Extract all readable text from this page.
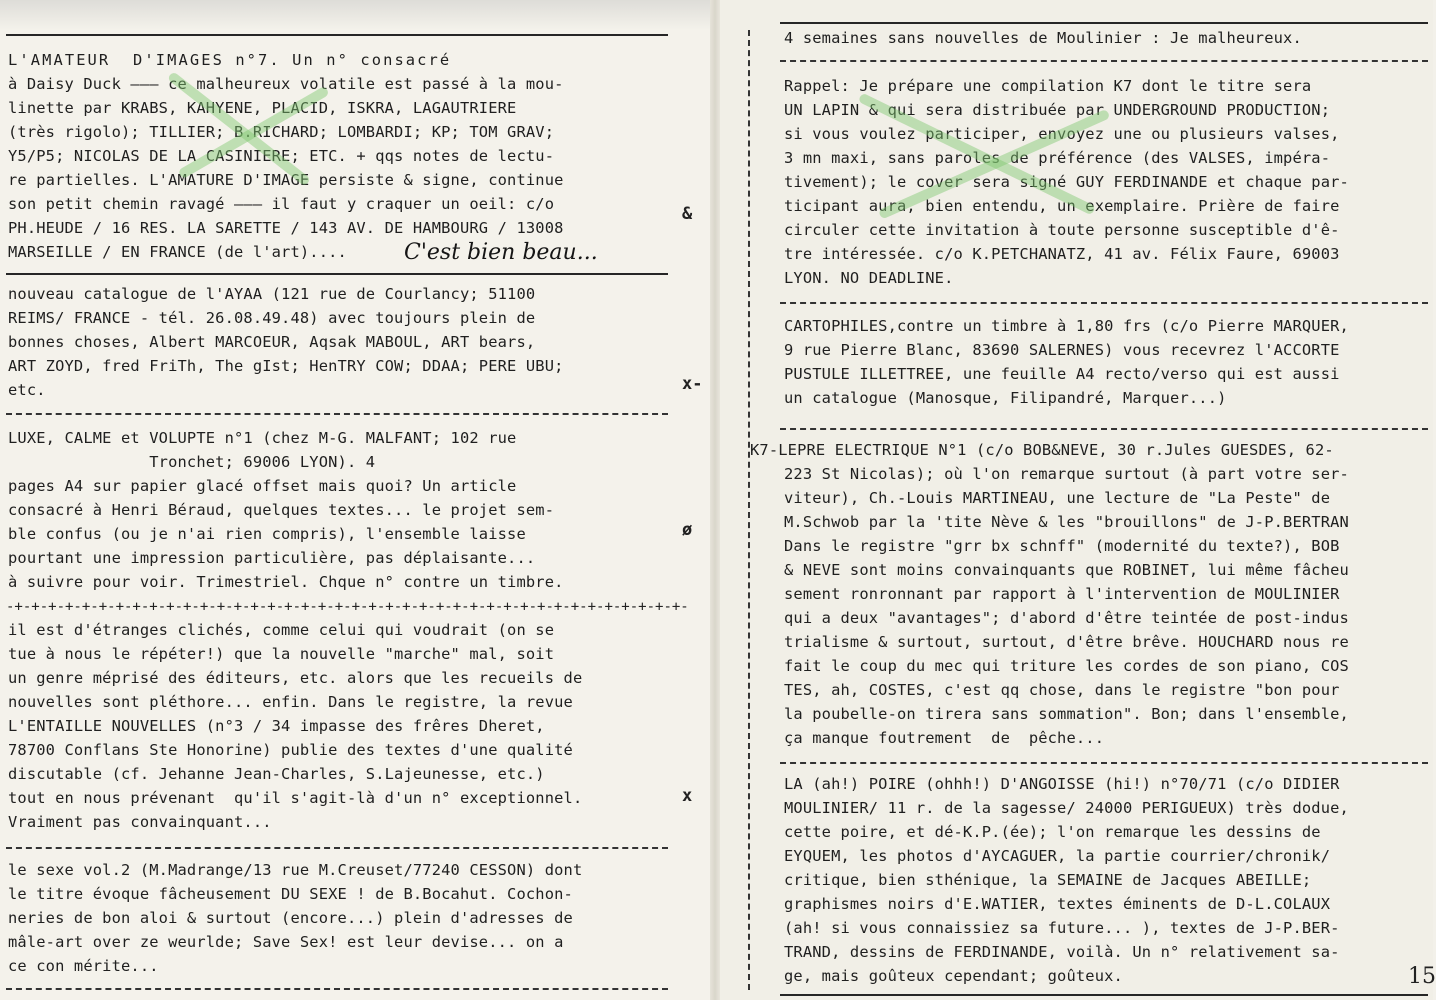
L'AMATEUR  D'IMAGES n°7. Un n° consacré
à Daisy Duck ——— ce malheureux volatile est passé à la mou-
linette par KRABS, KAHYENE, PLACID, ISKRA, LAGAUTRIERE
(très rigolo); TILLIER; B.RICHARD; LOMBARDI; KP; TOM GRAV;
Y5/P5; NICOLAS DE LA CASINIERE; ETC. + qqs notes de lectu-
re partielles. L'AMATURE D'IMAGE persiste & signe, continue
son petit chemin ravagé ——— il faut y craquer un oeil: c/o
PH.HEUDE / 16 RES. LA SARETTE / 143 AV. DE HAMBOURG / 13008
MARSEILLE / EN FRANCE (de l'art)....	C'est bien beau...
nouveau catalogue de l'AYAA (121 rue de Courlancy; 51100
REIMS/ FRANCE - tél. 26.08.49.48) avec toujours plein de
bonnes choses, Albert MARCOEUR, Aqsak MABOUL, ART bears,
ART ZOYD, fred FriTh, The gIst; HenTRY COW; DDAA; PERE UBU;
etc.
LUXE, CALME et VOLUPTE n°1 (chez M-G. MALFANT; 102 rue
Tronchet; 69006 LYON). 4
pages A4 sur papier glacé offset mais quoi? Un article
consacré à Henri Béraud, quelques textes... le projet sem-
ble confus (ou je n'ai rien compris), l'ensemble laisse
pourtant une impression particulière, pas déplaisante...
à suivre pour voir. Trimestriel. Chque n° contre un timbre.
-+-+-+-+-+-+-+-+-+-+-+-+-+-+-+-+-+-+-+-+-+-+-+-+-+-+-+-+-+-+-+-+-+-+-+-+-+-+-+-+-
il est d'étranges clichés, comme celui qui voudrait (on se
tue à nous le répéter!) que la nouvelle "marche" mal, soit
un genre méprisé des éditeurs, etc. alors que les recueils de
nouvelles sont pléthore... enfin. Dans le registre, la revue
L'ENTAILLE NOUVELLES (n°3 / 34 impasse des frêres Dheret,
78700 Conflans Ste Honorine) publie des textes d'une qualité
discutable (cf. Jehanne Jean-Charles, S.Lajeunesse, etc.)
tout en nous prévenant  qu'il s'agit-là d'un n° exceptionnel.
Vraiment pas convainquant...
le sexe vol.2 (M.Madrange/13 rue M.Creuset/77240 CESSON) dont
le titre évoque fâcheusement DU SEXE ! de B.Bocahut. Cochon-
neries de bon aloi & surtout (encore...) plein d'adresses de
mâle-art over ze weurlde; Save Sex! est leur devise... on a
ce con mérite...
&
x-
ø
x
4 semaines sans nouvelles de Moulinier : Je malheureux.
Rappel: Je prépare une compilation K7 dont le titre sera
UN LAPIN & qui sera distribuée par UNDERGROUND PRODUCTION;
si vous voulez participer, envoyez une ou plusieurs valses,
3 mn maxi, sans paroles de préférence (des VALSES, impéra-
tivement); le cover sera signé GUY FERDINANDE et chaque par-
ticipant aura, bien entendu, un exemplaire. Prière de faire
circuler cette invitation à toute personne susceptible d'ê-
tre intéressée. c/o K.PETCHANATZ, 41 av. Félix Faure, 69003
LYON. NO DEADLINE.
CARTOPHILES,contre un timbre à 1,80 frs (c/o Pierre MARQUER,
9 rue Pierre Blanc, 83690 SALERNES) vous recevrez l'ACCORTE
PUSTULE ILLETTREE, une feuille A4 recto/verso qui est aussi
un catalogue (Manosque, Filipandré, Marquer...)
K7-LEPRE ELECTRIQUE N°1 (c/o BOB&NEVE, 30 r.Jules GUESDES, 62-
223 St Nicolas); où l'on remarque surtout (à part votre ser-
viteur), Ch.-Louis MARTINEAU, une lecture de "La Peste" de
M.Schwob par la 'tite Nève & les "brouillons" de J-P.BERTRAN
Dans le registre "grr bx schnff" (modernité du texte?), BOB
& NEVE sont moins convainquants que ROBINET, lui même fâcheu
sement ronronnant par rapport à l'intervention de MOULINIER
qui a deux "avantages"; d'abord d'être teintée de post-indus
trialisme & surtout, surtout, d'être brêve. HOUCHARD nous re
fait le coup du mec qui triture les cordes de son piano, COS
TES, ah, COSTES, c'est qq chose, dans le registre "bon pour
la poubelle-on tirera sans sommation". Bon; dans l'ensemble,
ça manque foutrement  de  pêche...
LA (ah!) POIRE (ohhh!) D'ANGOISSE (hi!) n°70/71 (c/o DIDIER
MOULINIER/ 11 r. de la sagesse/ 24000 PERIGUEUX) très dodue,
cette poire, et dé-K.P.(ée); l'on remarque les dessins de
EYQUEM, les photos d'AYCAGUER, la partie courrier/chronik/
critique, bien sthénique, la SEMAINE de Jacques ABEILLE;
graphismes noirs d'E.WATIER, textes éminents de D-L.COLAUX
(ah! si vous connaissiez sa future... ), textes de J-P.BER-
TRAND, dessins de FERDINANDE, voilà. Un n° relativement sa-
ge, mais goûteux cependant; goûteux.	15
